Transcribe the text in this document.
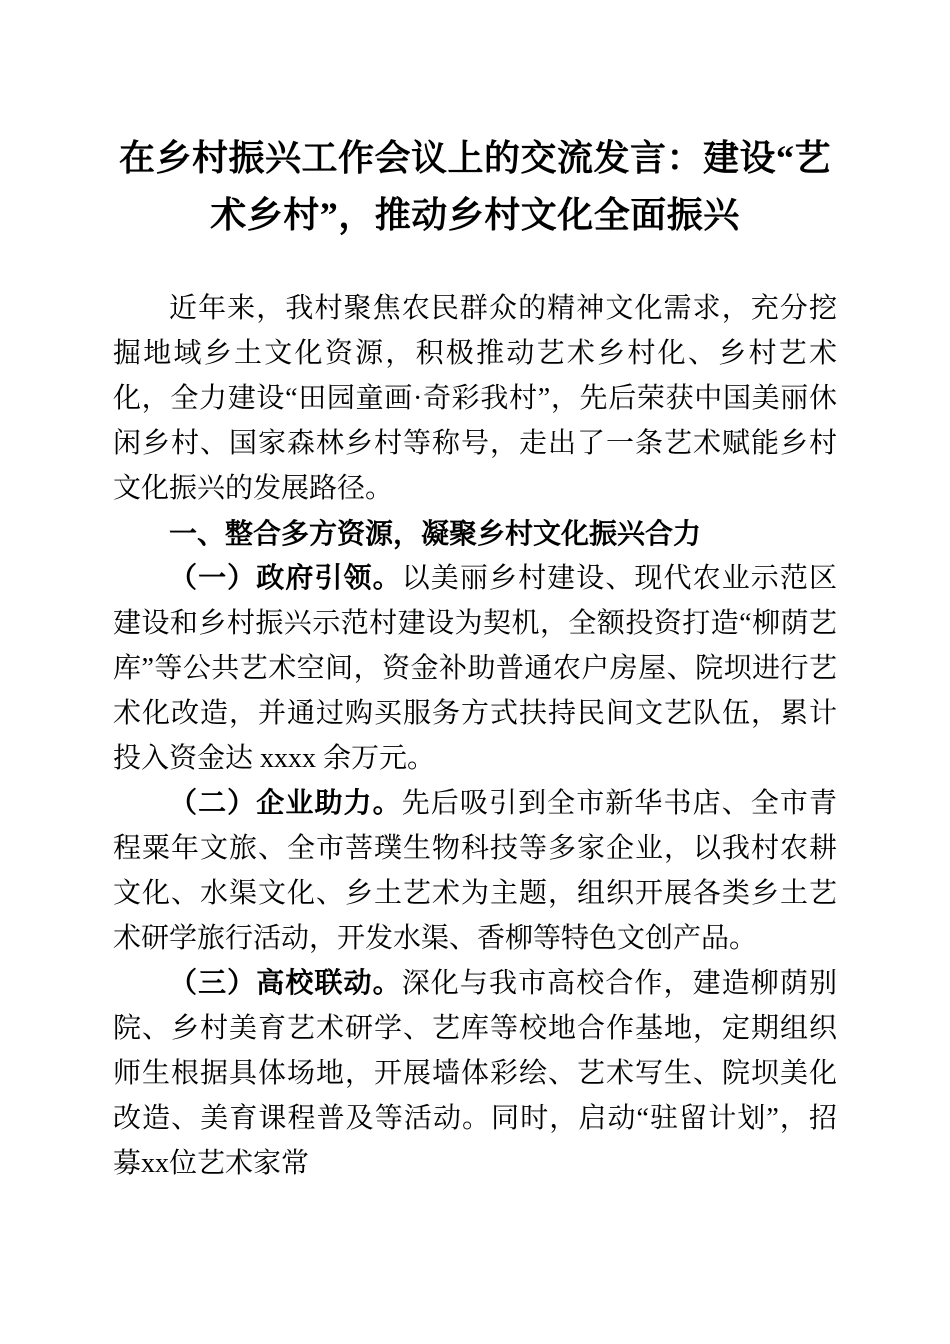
在乡村振兴工作会议上的交流发言：建设“艺术乡村”，推动乡村文化全面振兴

近年来，我村聚焦农民群众的精神文化需求，充分挖掘地域乡土文化资源，积极推动艺术乡村化、乡村艺术化，全力建设“田园童画·奇彩我村”，先后荣获中国美丽休闲乡村、国家森林乡村等称号，走出了一条艺术赋能乡村文化振兴的发展路径。

一、整合多方资源，凝聚乡村文化振兴合力

（一）政府引领。以美丽乡村建设、现代农业示范区建设和乡村振兴示范村建设为契机，全额投资打造“柳荫艺库”等公共艺术空间，资金补助普通农户房屋、院坝进行艺术化改造，并通过购买服务方式扶持民间文艺队伍，累计投入资金达 xxxx 余万元。

（二）企业助力。先后吸引到全市新华书店、全市青程粟年文旅、全市菩璞生物科技等多家企业，以我村农耕文化、水渠文化、乡土艺术为主题，组织开展各类乡土艺术研学旅行活动，开发水渠、香柳等特色文创产品。

（三）高校联动。深化与我市高校合作，建造柳荫别院、乡村美育艺术研学、艺库等校地合作基地，定期组织师生根据具体场地，开展墙体彩绘、艺术写生、院坝美化改造、美育课程普及等活动。同时，启动“驻留计划”，招募xx位艺术家常
